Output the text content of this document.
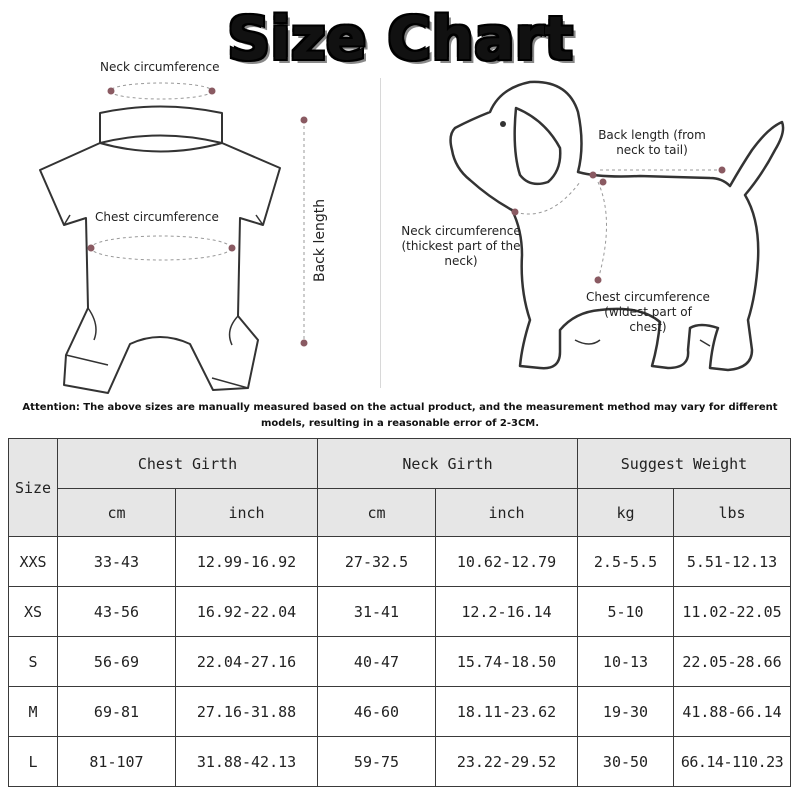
Size Chart
Neck circumference
Chest circumference	Back length
Back length (from neck to tail)
Neck circumference (thickest part of the neck)
Chest circumference (widest part of chest)
Attention: The above sizes are manually measured based on the actual product, and the measurement method may vary for different models, resulting in a reasonable error of 2-3CM.
Size	Chest Girth		Neck Girth		Suggest Weight	
	cm	inch	cm	inch	kg	lbs
XXS	33-43	12.99-16.92	27-32.5	10.62-12.79	2.5-5.5	5.51-12.13
XS	43-56	16.92-22.04	31-41	12.2-16.14	5-10	11.02-22.05
S	56-69	22.04-27.16	40-47	15.74-18.50	10-13	22.05-28.66
M	69-81	27.16-31.88	46-60	18.11-23.62	19-30	41.88-66.14
L	81-107	31.88-42.13	59-75	23.22-29.52	30-50	66.14-110.23
